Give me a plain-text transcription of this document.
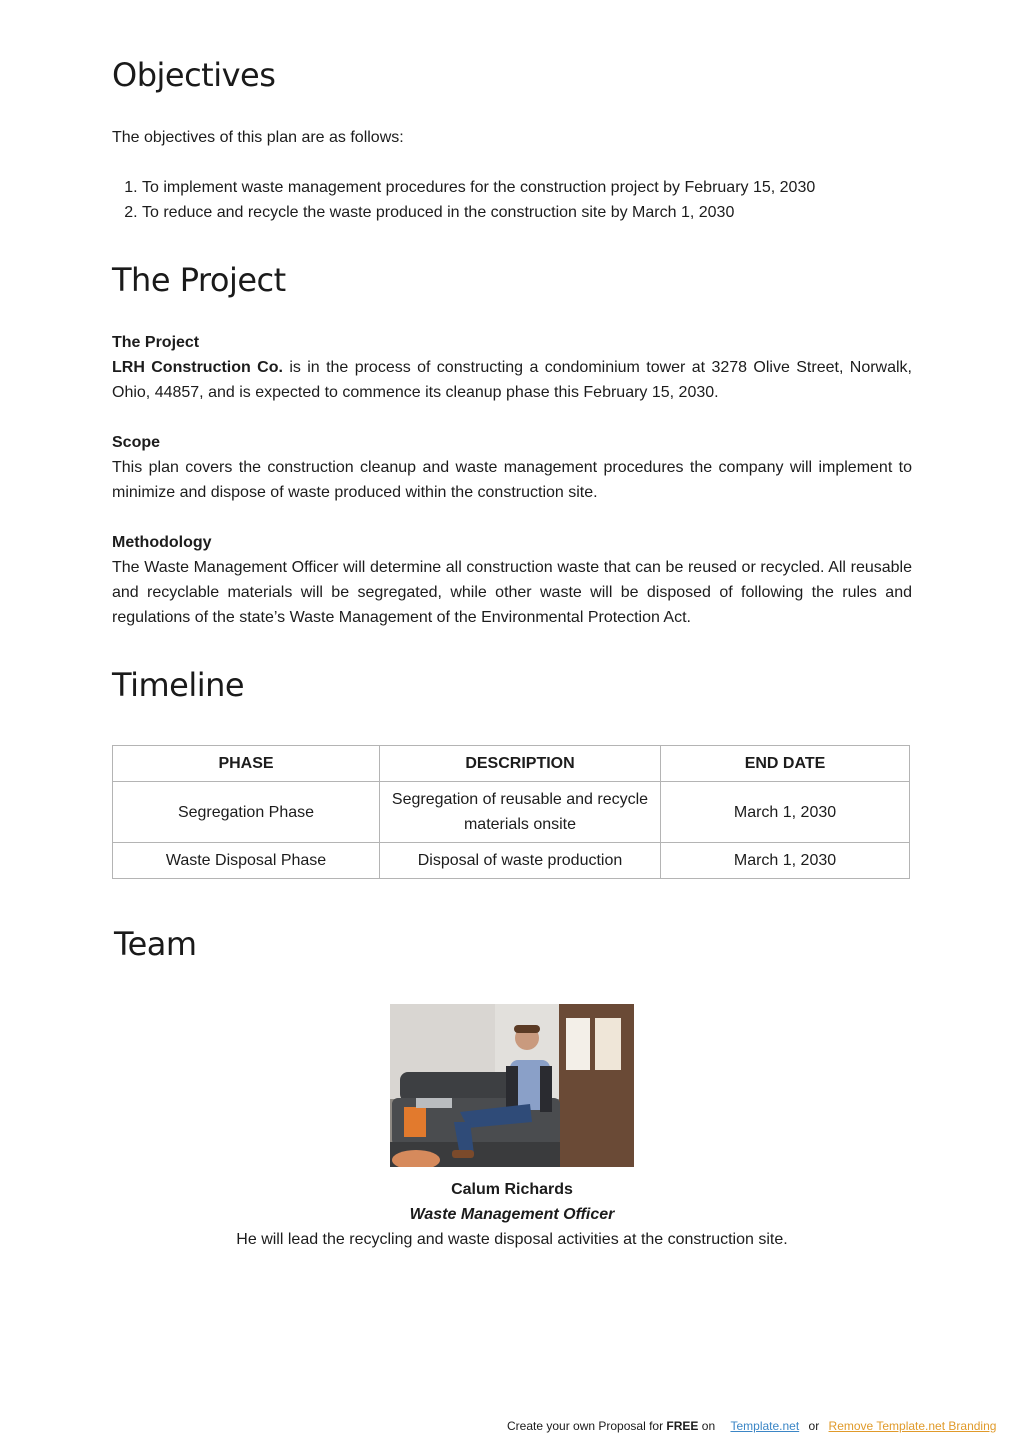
Objectives

The objectives of this plan are as follows:

1. To implement waste management procedures for the construction project by February 15, 2030
2. To reduce and recycle the waste produced in the construction site by March 1, 2030
The Project

The Project

LRH Construction Co. is in the process of constructing a condominium tower at 3278 Olive Street, Norwalk, Ohio, 44857, and is expected to commence its cleanup phase this February 15, 2030.

Scope

This plan covers the construction cleanup and waste management procedures the company will implement to minimize and dispose of waste produced within the construction site.

Methodology

The Waste Management Officer will determine all construction waste that can be reused or recycled. All reusable and recyclable materials will be segregated, while other waste will be disposed of following the rules and regulations of the state’s Waste Management of the Environmental Protection Act.

Timeline
PHASE	DESCRIPTION	END DATE
Segregation Phase	Segregation of reusable and recycle materials onsite	March 1, 2030
Waste Disposal Phase	Disposal of waste production	March 1, 2030
Team

Calum Richards

Waste Management Officer

He will lead the recycling and waste disposal activities at the construction site.

Create your own Proposal for FREE on Template.net or Remove Template.net Branding
